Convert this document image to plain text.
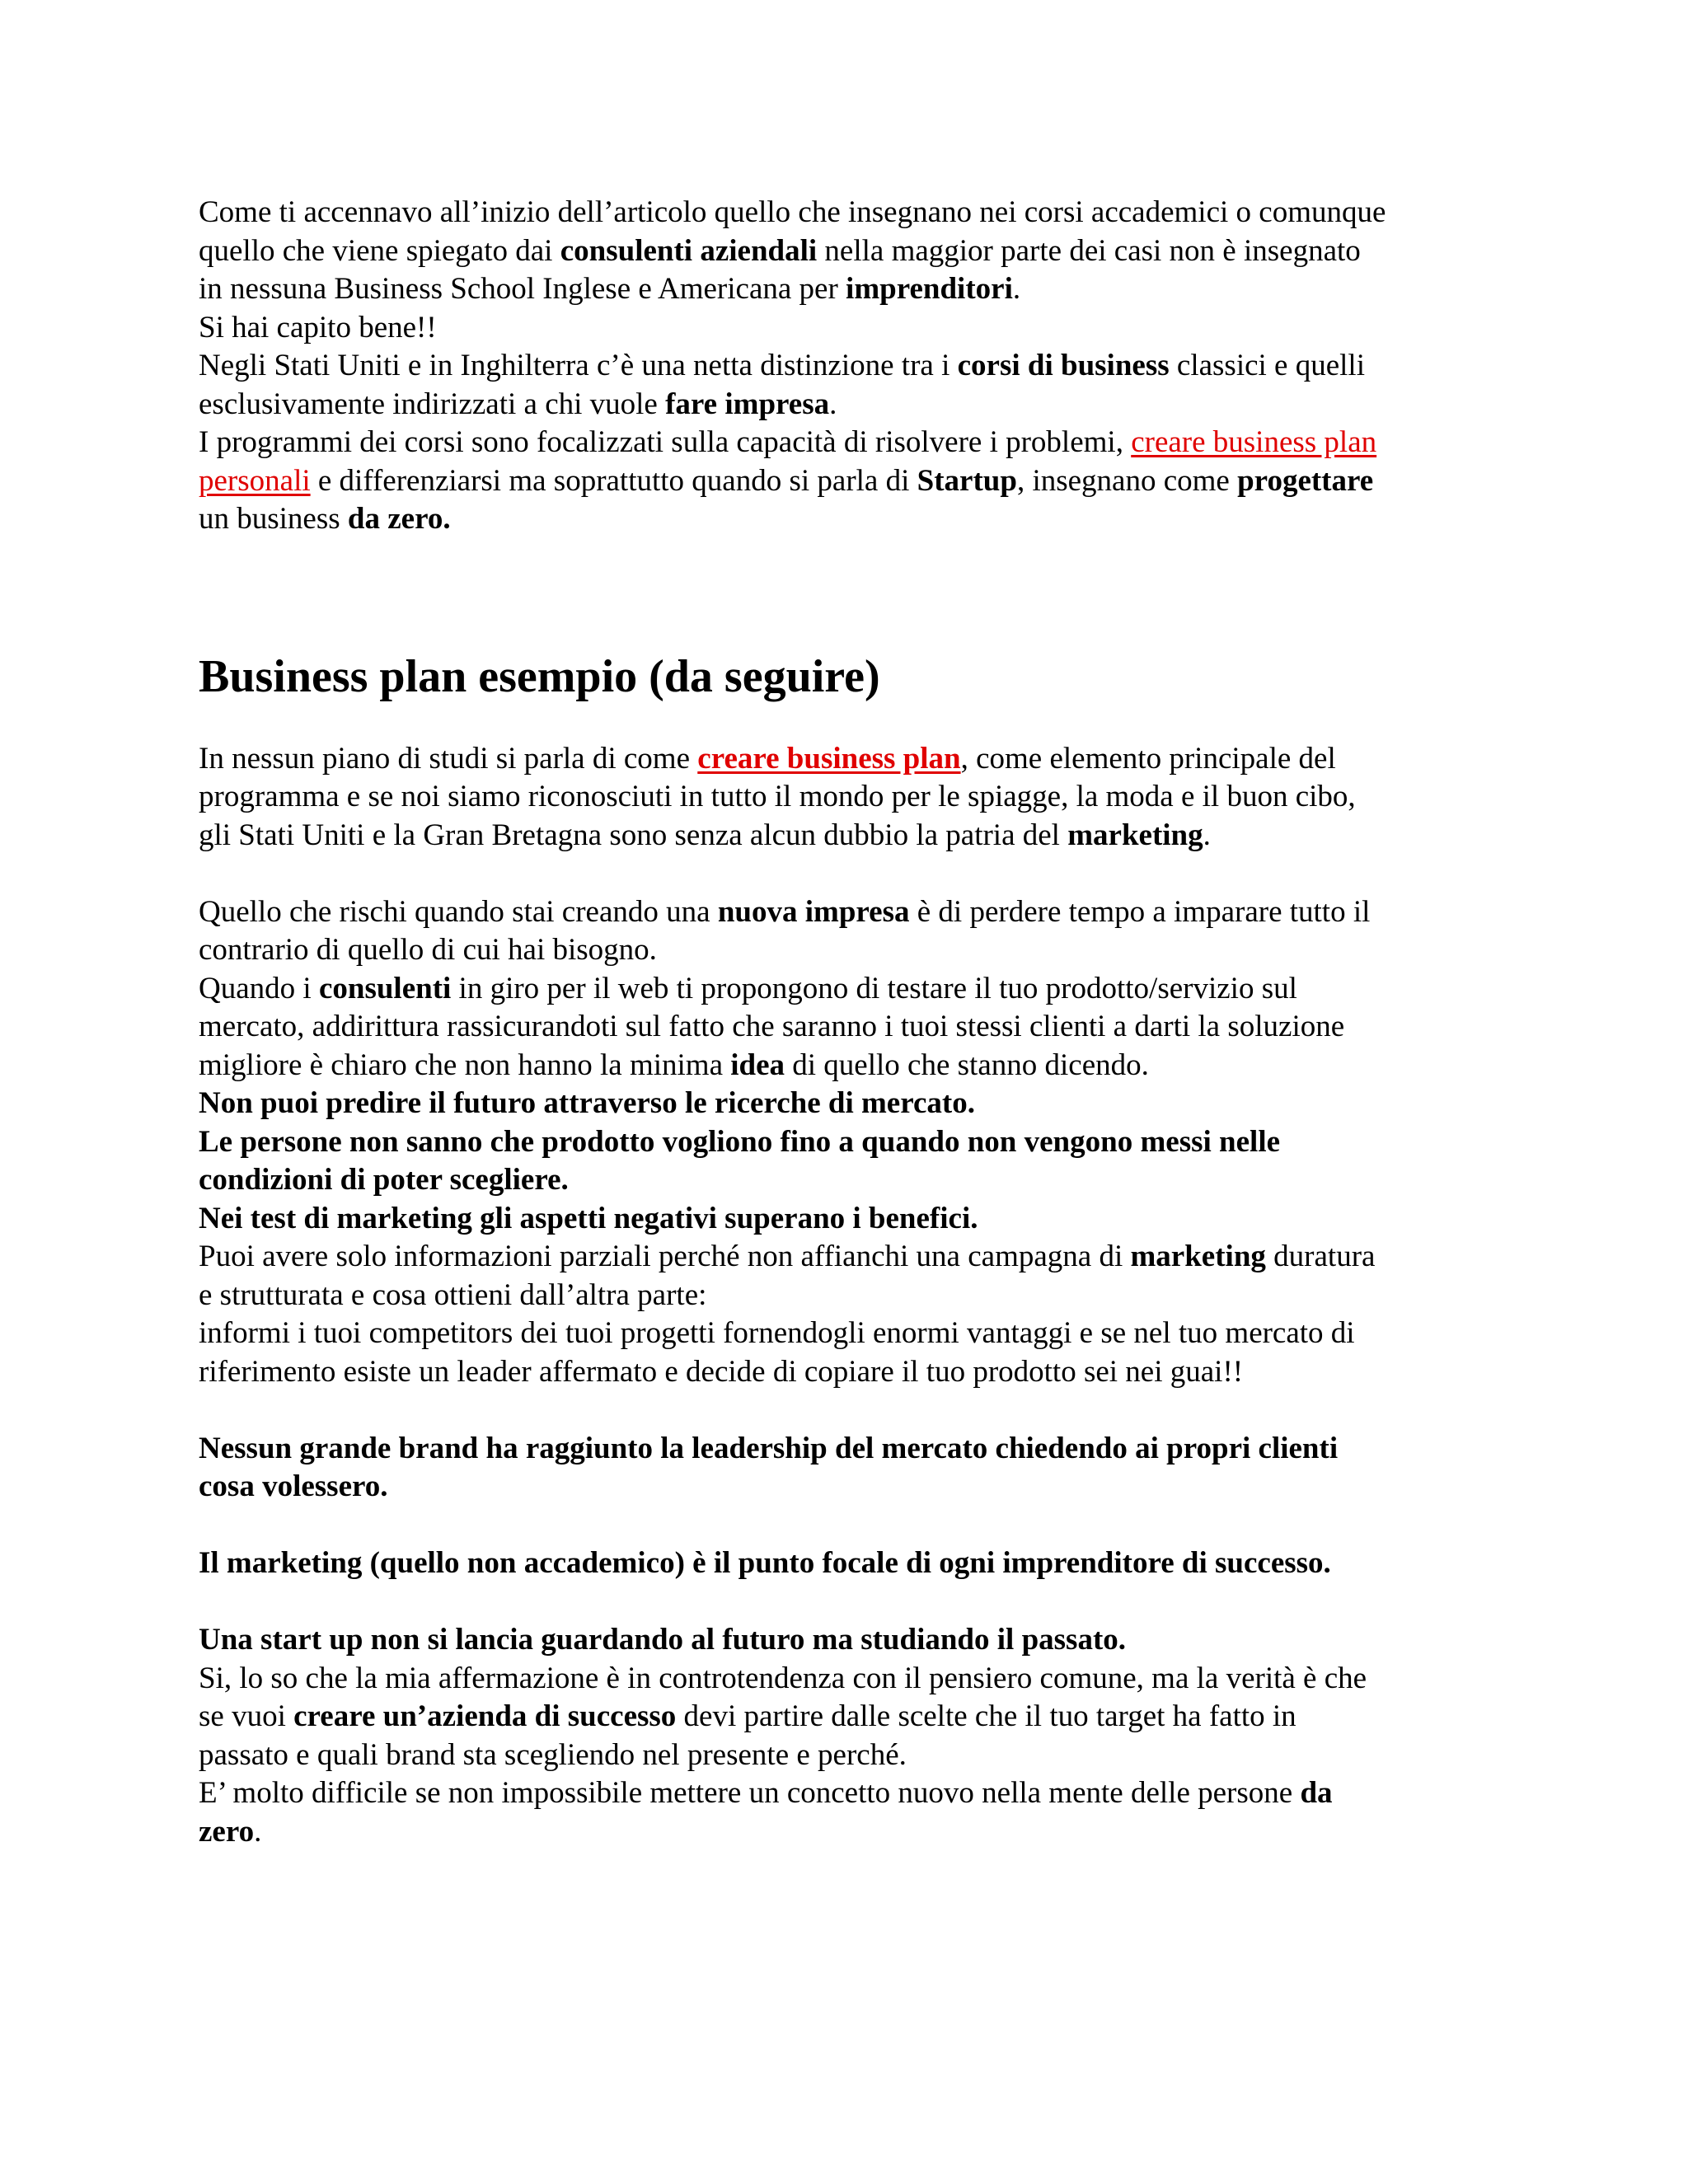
Come ti accennavo all’inizio dell’articolo quello che insegnano nei corsi accademici o comunque
quello che viene spiegato dai consulenti aziendali nella maggior parte dei casi non è insegnato
in nessuna Business School Inglese e Americana per imprenditori.
Si hai capito bene!!
Negli Stati Uniti e in Inghilterra c’è una netta distinzione tra i corsi di business classici e quelli
esclusivamente indirizzati a chi vuole fare impresa.
I programmi dei corsi sono focalizzati sulla capacità di risolvere i problemi, creare business plan
personali e differenziarsi ma soprattutto quando si parla di Startup, insegnano come progettare
un business da zero.
Business plan esempio (da seguire)
In nessun piano di studi si parla di come creare business plan, come elemento principale del
programma e se noi siamo riconosciuti in tutto il mondo per le spiagge, la moda e il buon cibo,
gli Stati Uniti e la Gran Bretagna sono senza alcun dubbio la patria del marketing.
Quello che rischi quando stai creando una nuova impresa è di perdere tempo a imparare tutto il
contrario di quello di cui hai bisogno.
Quando i consulenti in giro per il web ti propongono di testare il tuo prodotto/servizio sul
mercato, addirittura rassicurandoti sul fatto che saranno i tuoi stessi clienti a darti la soluzione
migliore è chiaro che non hanno la minima idea di quello che stanno dicendo.
Non puoi predire il futuro attraverso le ricerche di mercato.
Le persone non sanno che prodotto vogliono fino a quando non vengono messi nelle
condizioni di poter scegliere.
Nei test di marketing gli aspetti negativi superano i benefici.
Puoi avere solo informazioni parziali perché non affianchi una campagna di marketing duratura
e strutturata e cosa ottieni dall’altra parte:
informi i tuoi competitors dei tuoi progetti fornendogli enormi vantaggi e se nel tuo mercato di
riferimento esiste un leader affermato e decide di copiare il tuo prodotto sei nei guai!!
Nessun grande brand ha raggiunto la leadership del mercato chiedendo ai propri clienti
cosa volessero.
Il marketing (quello non accademico) è il punto focale di ogni imprenditore di successo.
Una start up non si lancia guardando al futuro ma studiando il passato.
Si, lo so che la mia affermazione è in controtendenza con il pensiero comune, ma la verità è che
se vuoi creare un’azienda di successo devi partire dalle scelte che il tuo target ha fatto in
passato e quali brand sta scegliendo nel presente e perché.
E’ molto difficile se non impossibile mettere un concetto nuovo nella mente delle persone da
zero.
